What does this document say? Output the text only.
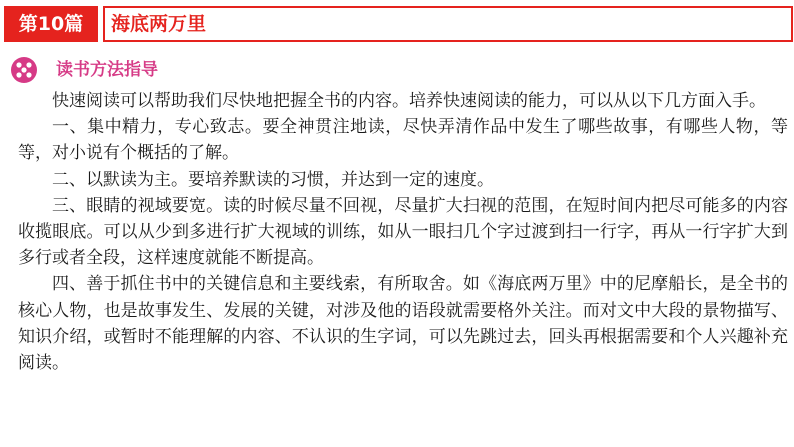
第10篇	海底两万里
读书方法指导

快速阅读可以帮助我们尽快地把握全书的内容。培养快速阅读的能力，可以从以下几方面入手。

一、集中精力，专心致志。要全神贯注地读，尽快弄清作品中发生了哪些故事，有哪些人物，等等，对小说有个概括的了解。

二、以默读为主。要培养默读的习惯，并达到一定的速度。

三、眼睛的视域要宽。读的时候尽量不回视，尽量扩大扫视的范围，在短时间内把尽可能多的内容收揽眼底。可以从少到多进行扩大视域的训练，如从一眼扫几个字过渡到扫一行字，再从一行字扩大到多行或者全段，这样速度就能不断提高。

四、善于抓住书中的关键信息和主要线索，有所取舍。如《海底两万里》中的尼摩船长，是全书的核心人物，也是故事发生、发展的关键，对涉及他的语段就需要格外关注。而对文中大段的景物描写、知识介绍，或暂时不能理解的内容、不认识的生字词，可以先跳过去，回头再根据需要和个人兴趣补充阅读。
